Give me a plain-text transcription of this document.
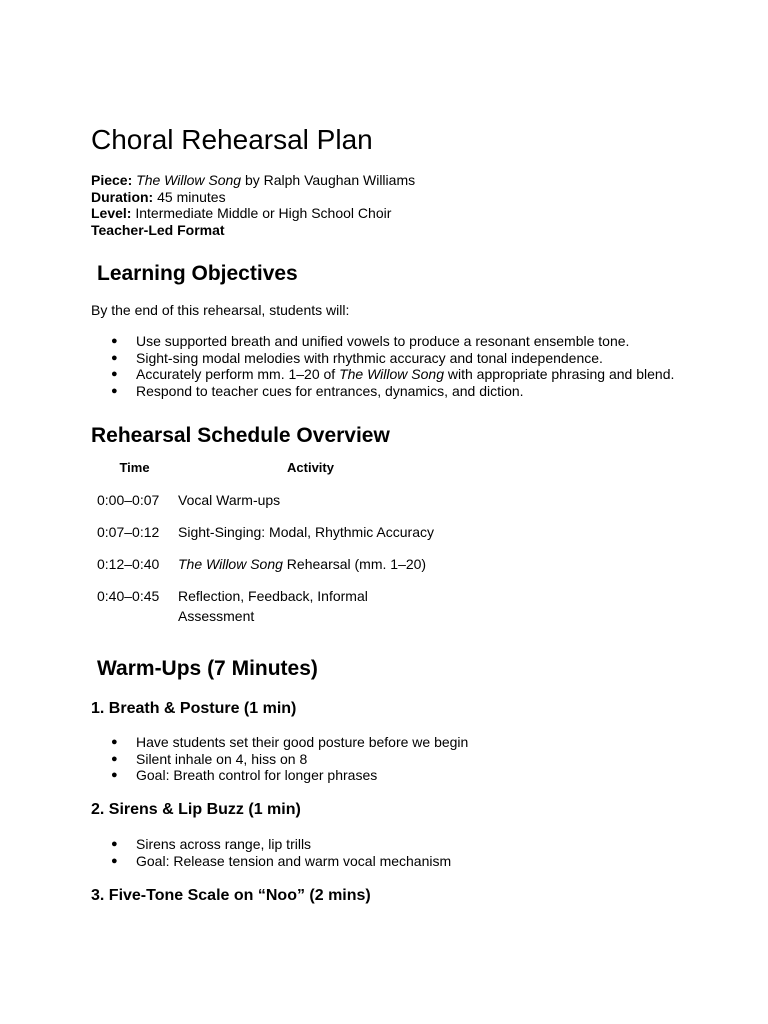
Choral Rehearsal Plan
Piece: The Willow Song by Ralph Vaughan Williams
Duration: 45 minutes
Level: Intermediate Middle or High School Choir
Teacher-Led Format
Learning Objectives

By the end of this rehearsal, students will:

● Use supported breath and unified vowels to produce a resonant ensemble tone.
● Sight-sing modal melodies with rhythmic accuracy and tonal independence.
● Accurately perform mm. 1–20 of The Willow Song with appropriate phrasing and blend.
● Respond to teacher cues for entrances, dynamics, and diction.
Rehearsal Schedule Overview
Time	Activity

0:00–0:07	Vocal Warm-ups

0:07–0:12	Sight-Singing: Modal, Rhythmic Accuracy

0:12–0:40	The Willow Song Rehearsal (mm. 1–20)

0:40–0:45	Reflection, Feedback, Informal
Assessment
Warm-Ups (7 Minutes)
1. Breath & Posture (1 min)
● Have students set their good posture before we begin
● Silent inhale on 4, hiss on 8
● Goal: Breath control for longer phrases
2. Sirens & Lip Buzz (1 min)
● Sirens across range, lip trills
● Goal: Release tension and warm vocal mechanism
3. Five-Tone Scale on “Noo” (2 mins)
